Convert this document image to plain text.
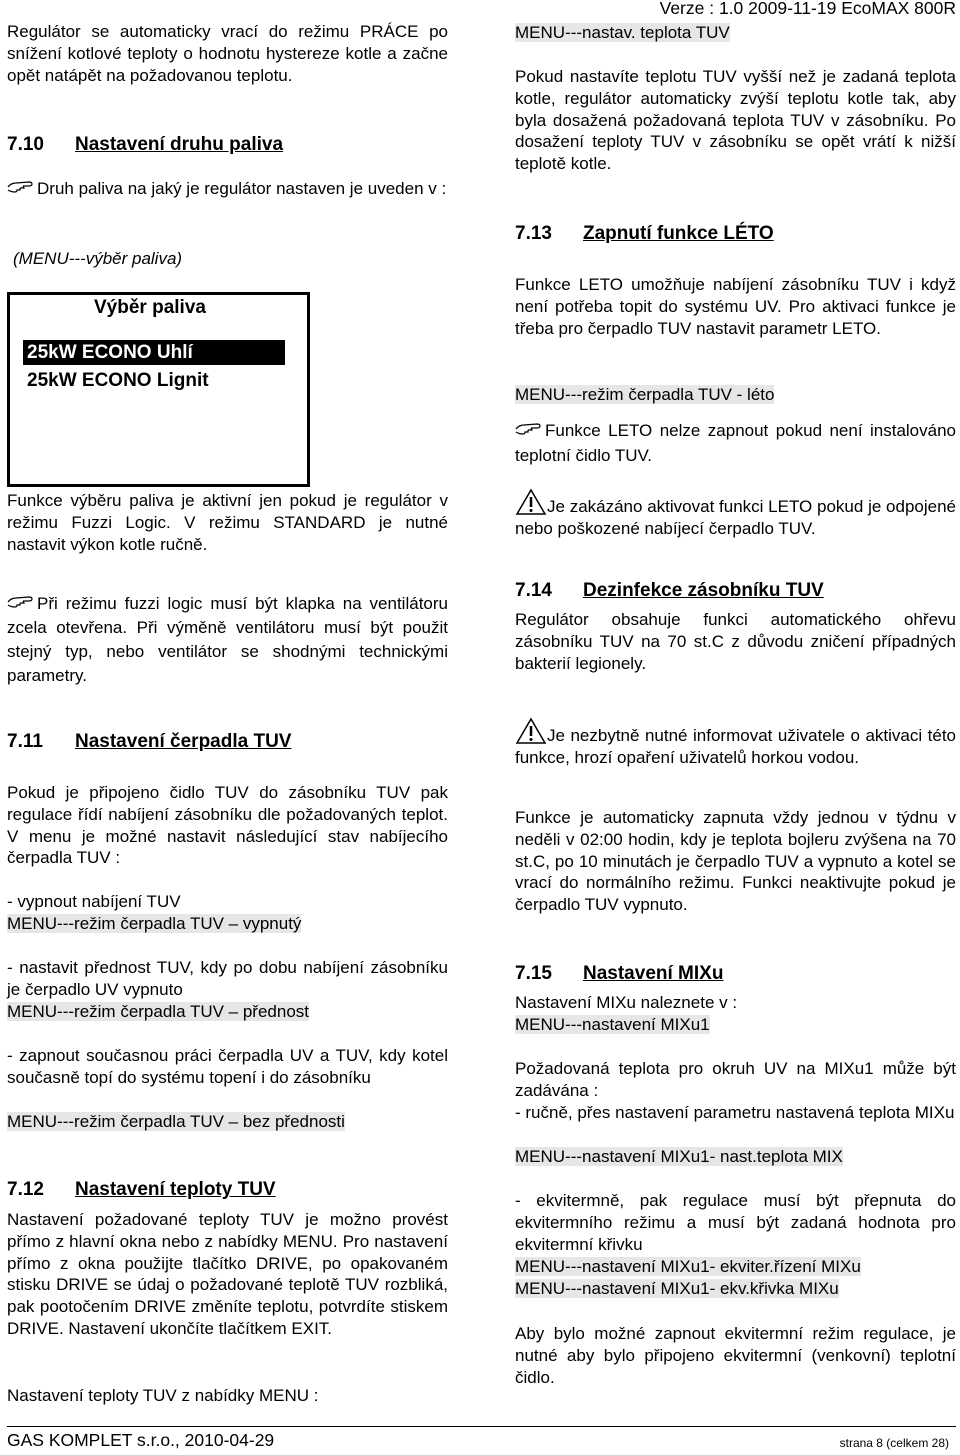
Verze : 1.0 2009-11-19 EcoMAX 800R
Regulátor se automaticky vrací do režimu PRÁCE po snížení kotlové teploty o hodnotu hystereze kotle a začne opět natápět na požadovanou teplotu.
7.10 Nastavení druhu paliva
Druh paliva na jaký je regulátor nastaven je uveden v :
(MENU---výběr paliva)
Výběr paliva
25kW ECONO Uhlí
25kW ECONO Lignit
Funkce výběru paliva je aktivní jen pokud je regulátor v režimu Fuzzi Logic. V režimu STANDARD je nutné nastavit výkon kotle ručně.
Při režimu fuzzi logic musí být klapka na ventilátoru zcela otevřena. Při výměně ventilátoru musí být použit stejný typ, nebo ventilátor se shodnými technickými parametry.
7.11 Nastavení čerpadla TUV
Pokud je připojeno čidlo TUV do zásobníku TUV pak regulace řídí nabíjení zásobníku dle požadovaných teplot. V menu je možné nastavit následující stav nabíjecího čerpadla TUV :
- vypnout nabíjení TUV
MENU---režim čerpadla TUV – vypnutý
- nastavit přednost TUV, kdy po dobu nabíjení zásobníku je čerpadlo UV vypnuto
MENU---režim čerpadla TUV – přednost
- zapnout současnou práci čerpadla UV a TUV, kdy kotel současně topí do systému topení i do zásobníku
MENU---režim čerpadla TUV – bez přednosti
7.12 Nastavení teploty TUV
Nastavení požadované teploty TUV je možno provést přímo z hlavní okna nebo z nabídky MENU. Pro nastavení přímo z okna použijte tlačítko DRIVE, po opakovaném stisku DRIVE se údaj o požadované teplotě TUV rozbliká, pak pootočením DRIVE změníte teplotu, potvrdíte stiskem DRIVE. Nastavení ukončíte tlačítkem EXIT.
Nastavení teploty TUV z nabídky MENU :
MENU---nastav. teplota TUV
Pokud nastavíte teplotu TUV vyšší než je zadaná teplota kotle, regulátor automaticky zvýší teplotu kotle tak, aby byla dosažená požadovaná teplota TUV v zásobníku. Po dosažení teploty TUV v zásobníku se opět vrátí k nižší teplotě kotle.
7.13 Zapnutí funkce LÉTO
Funkce LETO umožňuje nabíjení zásobníku TUV i když není potřeba topit do systému UV. Pro aktivaci funkce je třeba pro čerpadlo TUV nastavit parametr LETO.
MENU---režim čerpadla TUV - léto
Funkce LETO nelze zapnout pokud není instalováno teplotní čidlo TUV.
Je zakázáno aktivovat funkci LETO pokud je odpojené nebo poškozené nabíjecí čerpadlo TUV.
7.14 Dezinfekce zásobníku TUV
Regulátor obsahuje funkci automatického ohřevu zásobníku TUV na 70 st.C z důvodu zničení případných bakterií legionely.
Je nezbytně nutné informovat uživatele o aktivaci této funkce, hrozí opaření uživatelů horkou vodou.
Funkce je automaticky zapnuta vždy jednou v týdnu v neděli v 02:00 hodin, kdy je teplota bojleru zvýšena na 70 st.C, po 10 minutách je čerpadlo TUV a vypnuto a kotel se vrací do normálního režimu. Funkci neaktivujte pokud je čerpadlo TUV vypnuto.
7.15 Nastavení MIXu
Nastavení MIXu naleznete v :
MENU---nastavení MIXu1
Požadovaná teplota pro okruh UV na MIXu1 může být zadávána :
- ručně, přes nastavení parametru nastavená teplota MIXu
MENU---nastavení MIXu1- nast.teplota MIX
- ekvitermně, pak regulace musí být přepnuta do ekvitermního režimu a musí být zadaná hodnota pro ekvitermní křivku
MENU---nastavení MIXu1- ekviter.řízení MIXu
MENU---nastavení MIXu1- ekv.křivka MIXu
Aby bylo možné zapnout ekvitermní režim regulace, je nutné aby bylo připojeno ekvitermní (venkovní) teplotní čidlo.
GAS KOMPLET s.r.o., 2010-04-29	strana 8 (celkem 28)
